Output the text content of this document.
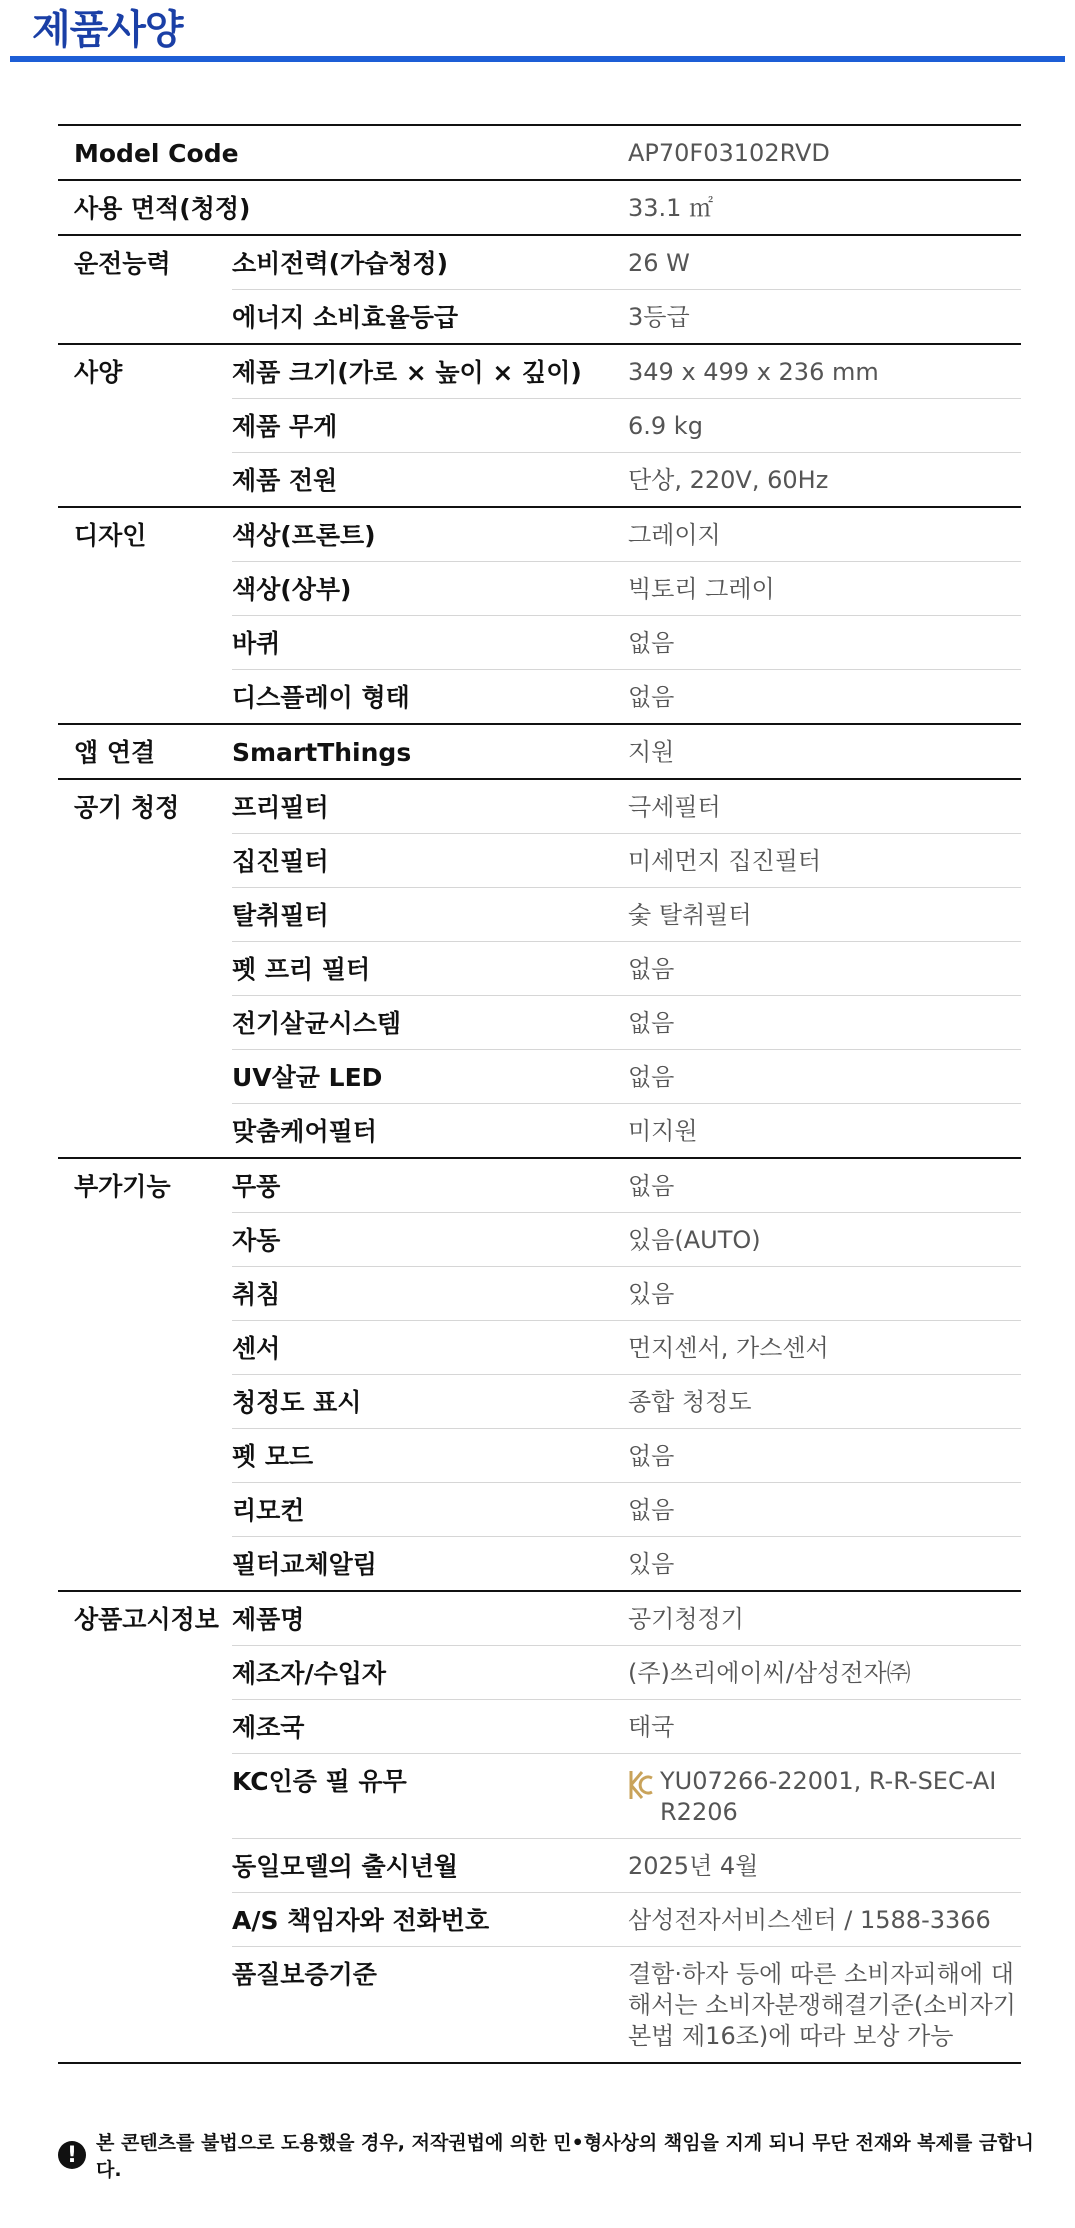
제품사양
Model Code		AP70F03102RVD
사용 면적(청정)		33.1 ㎡
운전능력	소비전력(가습청정)	26 W
	에너지 소비효율등급	3등급
사양	제품 크기(가로 × 높이 × 깊이)	349 x 499 x 236 mm
	제품 무게	6.9 kg
	제품 전원	단상, 220V, 60Hz
디자인	색상(프론트)	그레이지
	색상(상부)	빅토리 그레이
	바퀴	없음
	디스플레이 형태	없음
앱 연결	SmartThings	지원
공기 청정	프리필터	극세필터
	집진필터	미세먼지 집진필터
	탈취필터	숯 탈취필터
	펫 프리 필터	없음
	전기살균시스템	없음
	UV살균 LED	없음
	맞춤케어필터	미지원
부가기능	무풍	없음
	자동	있음(AUTO)
	취침	있음
	센서	먼지센서, 가스센서
	청정도 표시	종합 청정도
	펫 모드	없음
	리모컨	없음
	필터교체알림	있음
상품고시정보	제품명	공기청정기
	제조자/수입자	(주)쓰리에이씨/삼성전자㈜
	제조국	태국
	KC인증 필 유무	YU07266-22001, R-R-SEC-AI R2206

	동일모델의 출시년월	2025년 4월
	A/S 책임자와 전화번호	삼성전자서비스센터 / 1588-3366
	품질보증기준	결함·하자 등에 따른 소비자피해에 대해서는 소비자분쟁해결기준(소비자기본법 제16조)에 따라 보상 가능
! 본 콘텐츠를 불법으로 도용했을 경우, 저작권법에 의한 민•형사상의 책임을 지게 되니 무단 전재와 복제를 금합니다.
